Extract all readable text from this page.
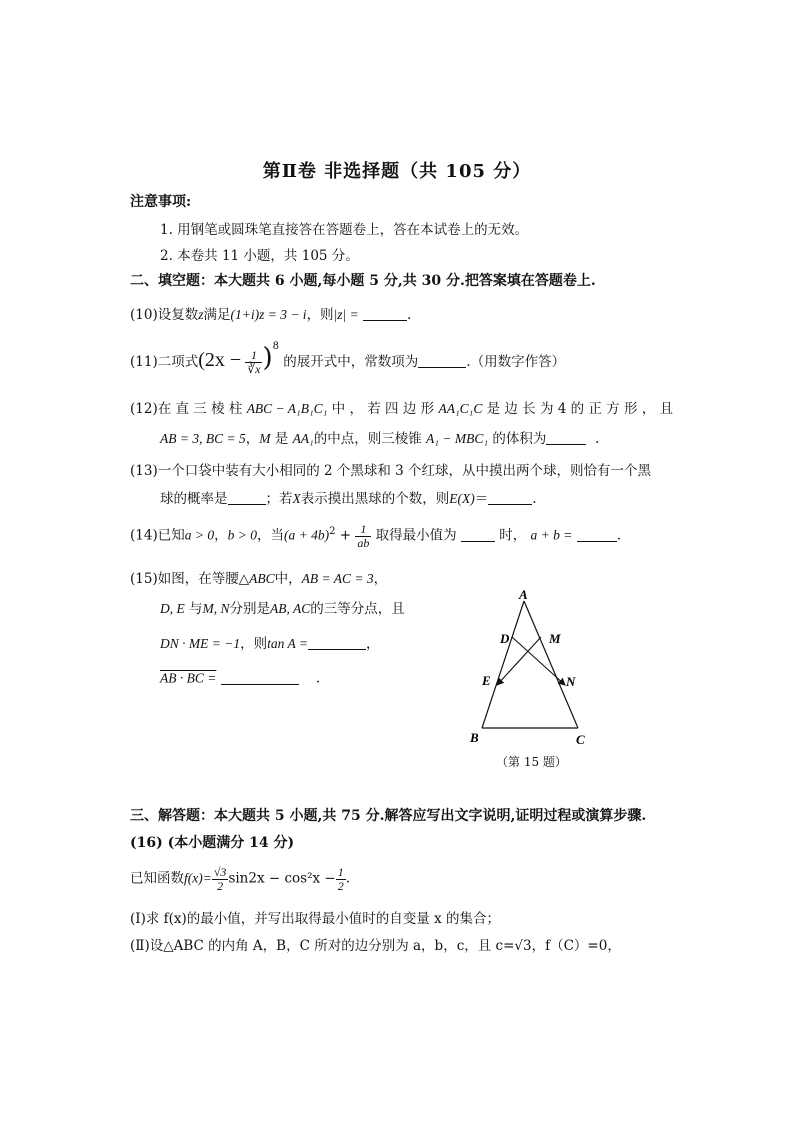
第Ⅱ卷 非选择题（共 105 分）
注意事项:
1. 用钢笔或圆珠笔直接答在答题卷上，答在本试卷上的无效。
2. 本卷共 11 小题，共 105 分。
二、填空题：本大题共 6 小题,每小题 5 分,共 30 分.把答案填在答题卷上.
(10)设复数z满足(1+i)z = 3 − i，则|z| =	.
(11)二项式$(2x - \frac{1}{∛x} )^8$ 的展开式中，常数项为	.（用数字作答）
(12)在 直 三 棱 柱 ABC − A₁B₁C₁ 中 ， 若 四 边 形 AA₁C₁C 是 边 长 为 4 的 正 方 形 ， 且
AB = 3, BC = 5，M 是 AA₁的中点，则三棱锥 A₁ − MBC₁ 的体积为	.
(13)一个口袋中装有大小相同的 2 个黑球和 3 个红球，从中摸出两个球，则恰有一个黑
球的概率是	；若X表示摸出黑球的个数，则E(X)＝	.
(14)已知a > 0，b > 0，当$(a + 4b)^2 + \frac{1}{ab}$ 取得最小值为	时， a + b =	.
(15)如图，在等腰△ABC中，AB = AC = 3，
D, E 与M, N分别是AB, AC的三等分点，且
DN · ME = −1，则tan A =	，
AB · BC =	.
A
D	M
E	N
B	C
（第 15 题）
三、解答题：本大题共 5 小题,共 75 分.解答应写出文字说明,证明过程或演算步骤.
(16) (本小题满分 14 分)
已知函数$f(x)= \frac{√3}{2} \sin 2x - \cos^2x - \frac{1}{2}$ .
(Ⅰ)求 f(x)的最小值，并写出取得最小值时的自变量 x 的集合；
(Ⅱ)设△ABC 的内角 A，B，C 所对的边分别为 a，b，c，且 c=√3，f（C）=0，
